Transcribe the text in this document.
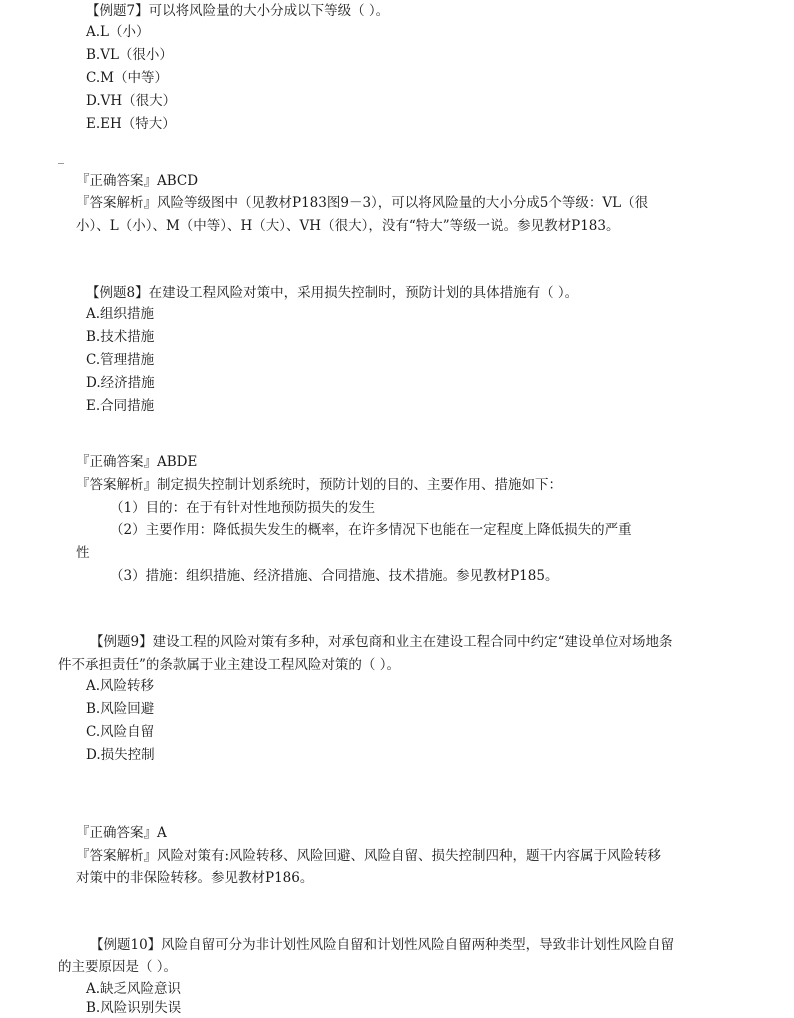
【例题7】可以将风险量的大小分成以下等级（ ）。
A.L（小）
B.VL（很小）
C.M（中等）
D.VH（很大）
E.EH（特大）
『正确答案』ABCD
『答案解析』风险等级图中（见教材P183图9－3），可以将风险量的大小分成5个等级：VL（很
小）、L（小）、M（中等）、H（大）、VH（很大），没有“特大”等级一说。参见教材P183。
【例题8】在建设工程风险对策中，采用损失控制时，预防计划的具体措施有（ ）。
A.组织措施
B.技术措施
C.管理措施
D.经济措施
E.合同措施
『正确答案』ABDE
『答案解析』制定损失控制计划系统时，预防计划的目的、主要作用、措施如下：
（1）目的：在于有针对性地预防损失的发生
（2）主要作用：降低损失发生的概率，在许多情况下也能在一定程度上降低损失的严重
性
（3）措施：组织措施、经济措施、合同措施、技术措施。参见教材P185。
【例题9】建设工程的风险对策有多种，对承包商和业主在建设工程合同中约定“建设单位对场地条
件不承担责任”的条款属于业主建设工程风险对策的（ ）。
A.风险转移
B.风险回避
C.风险自留
D.损失控制
『正确答案』A
『答案解析』风险对策有:风险转移、风险回避、风险自留、损失控制四种，题干内容属于风险转移
对策中的非保险转移。参见教材P186。
【例题10】风险自留可分为非计划性风险自留和计划性风险自留两种类型，导致非计划性风险自留
的主要原因是（ ）。
A.缺乏风险意识
B.风险识别失误
